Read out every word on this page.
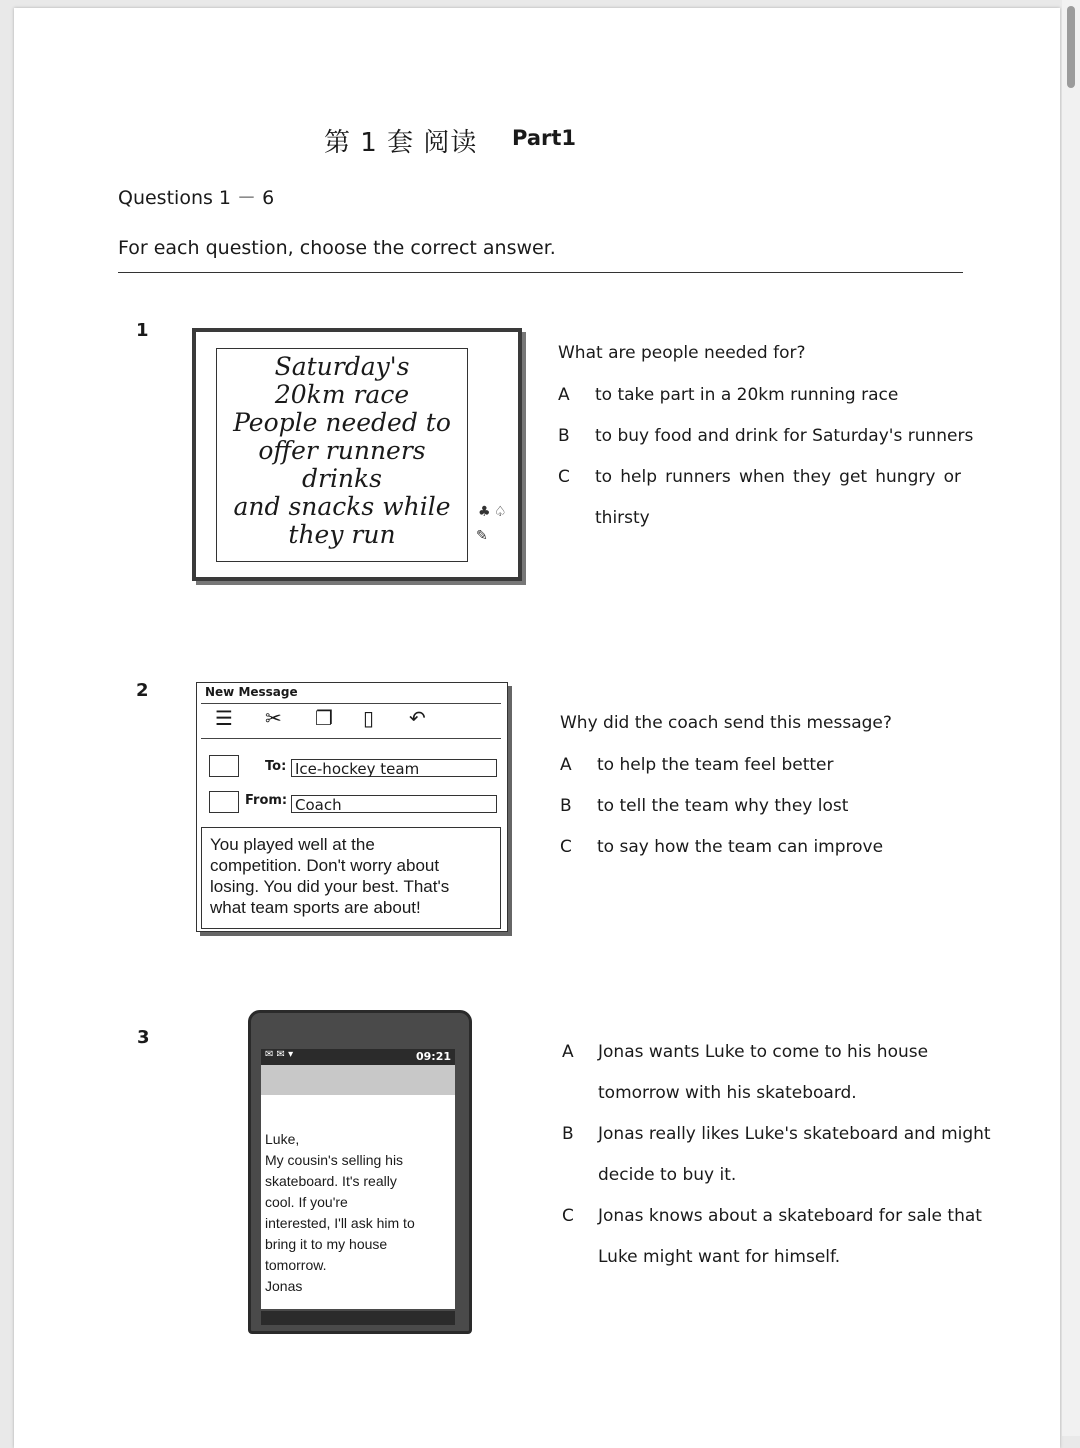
第 1 套 阅读 Part1
Questions 1 － 6
For each question, choose the correct answer.
1
Saturday's
20km race
People needed to
offer runners
drinks
and snacks while
they run
♣ ♤
✎
What are people needed for?
A to take part in a 20km running race
B to buy food and drink for Saturday's runners
C to help runners when they get hungry or
thirsty
2	New Message
☰ ✂ ❐ ▯ ↶
To: Ice-hockey team
From: Coach
You played well at the
competition. Don't worry about
losing. You did your best. That's
what team sports are about!
Why did the coach send this message?
A to help the team feel better
B to tell the team why they lost
C to say how the team can improve
3
✉ ✉ ▾	09:21
Luke,
My cousin's selling his
skateboard. It's really
cool. If you're
interested, I'll ask him to
bring it to my house
tomorrow.
Jonas
A Jonas wants Luke to come to his house
tomorrow with his skateboard.
B Jonas really likes Luke's skateboard and might
decide to buy it.
C Jonas knows about a skateboard for sale that
Luke might want for himself.
